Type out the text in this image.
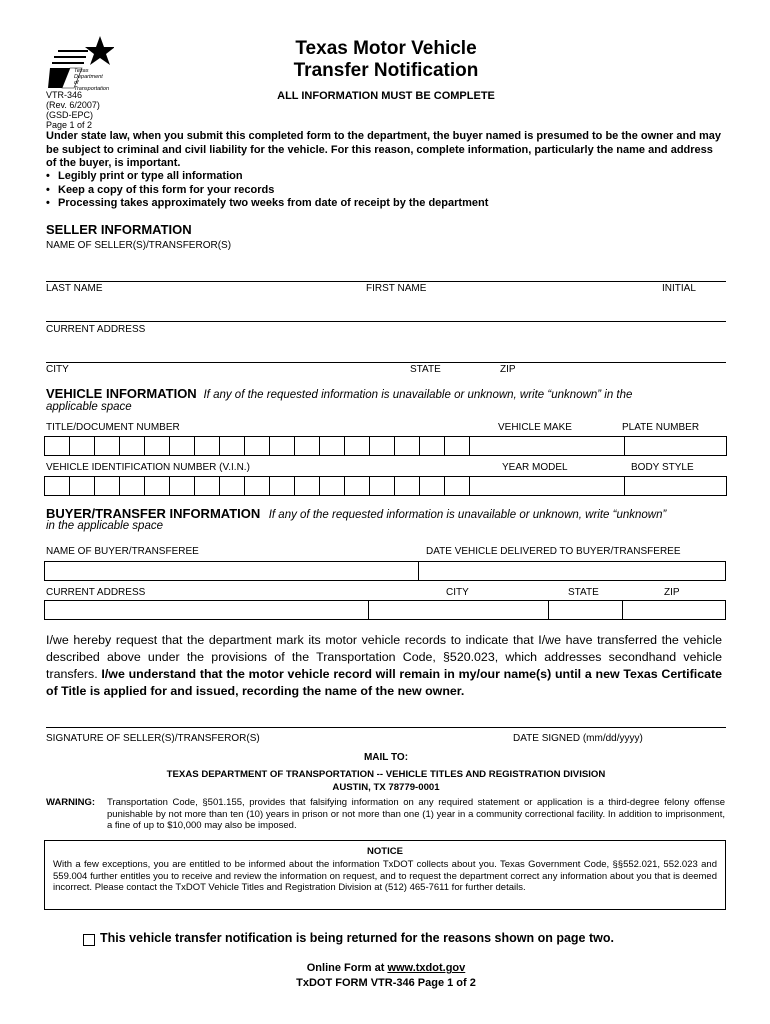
Texas
Department
of Transportation
VTR-346
(Rev. 6/2007)
(GSD-EPC)
Page 1 of 2
Texas Motor Vehicle
Transfer Notification
ALL INFORMATION MUST BE COMPLETE
Under state law, when you submit this completed form to the department, the buyer named is presumed to be the owner and may be subject to criminal and civil liability for the vehicle. For this reason, complete information, particularly the name and address of the buyer, is important.
• Legibly print or type all information
• Keep a copy of this form for your records
• Processing takes approximately two weeks from date of receipt by the department
SELLER INFORMATION
NAME OF SELLER(S)/TRANSFEROR(S)
LAST NAME	FIRST NAME	INITIAL
CURRENT ADDRESS
CITY	STATE	ZIP
VEHICLE INFORMATION If any of the requested information is unavailable or unknown, write “unknown” in the
applicable space
TITLE/DOCUMENT NUMBER	VEHICLE MAKE	PLATE NUMBER
VEHICLE IDENTIFICATION NUMBER (V.I.N.)	YEAR MODEL	BODY STYLE
BUYER/TRANSFER INFORMATION If any of the requested information is unavailable or unknown, write “unknown”
in the applicable space
NAME OF BUYER/TRANSFEREE	DATE VEHICLE DELIVERED TO BUYER/TRANSFEREE
CURRENT ADDRESS	CITY	STATE	ZIP
I/we hereby request that the department mark its motor vehicle records to indicate that I/we have transferred the vehicle described above under the provisions of the Transportation Code, §520.023, which addresses secondhand vehicle transfers. I/we understand that the motor vehicle record will remain in my/our name(s) until a new Texas Certificate of Title is applied for and issued, recording the name of the new owner.
SIGNATURE OF SELLER(S)/TRANSFEROR(S)	DATE SIGNED (mm/dd/yyyy)
MAIL TO:
TEXAS DEPARTMENT OF TRANSPORTATION -- VEHICLE TITLES AND REGISTRATION DIVISION
AUSTIN, TX 78779-0001
WARNING: Transportation Code, §501.155, provides that falsifying information on any required statement or application is a third-degree felony offense punishable by not more than ten (10) years in prison or not more than one (1) year in a community correctional facility. In addition to imprisonment, a fine of up to $10,000 may also be imposed.
NOTICE
With a few exceptions, you are entitled to be informed about the information TxDOT collects about you. Texas Government Code, §§552.021, 552.023 and 559.004 further entitles you to receive and review the information on request, and to request the department correct any information about you that is deemed incorrect. Please contact the TxDOT Vehicle Titles and Registration Division at (512) 465-7611 for further details.
This vehicle transfer notification is being returned for the reasons shown on page two.
Online Form at www.txdot.gov
TxDOT FORM VTR-346 Page 1 of 2
